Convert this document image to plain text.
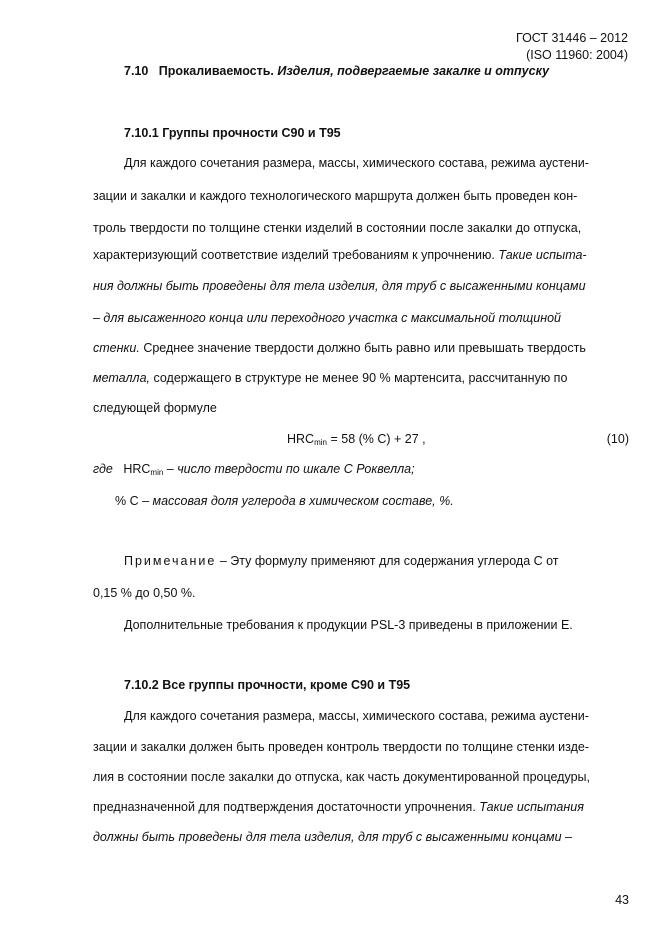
ГОСТ 31446 – 2012
(ISO 11960: 2004)
7.10 Прокаливаемость. Изделия, подвергаемые закалке и отпуску
7.10.1 Группы прочности С90 и Т95
Для каждого сочетания размера, массы, химического состава, режима аустени-
зации и закалки и каждого технологического маршрута должен быть проведен кон-
троль твердости по толщине стенки изделий в состоянии после закалки до отпуска,
характеризующий соответствие изделий требованиям к упрочнению. Такие испыта-
ния должны быть проведены для тела изделия, для труб с высаженными концами
– для высаженного конца или переходного участка с максимальной толщиной
стенки. Среднее значение твердости должно быть равно или превышать твердость
металла, содержащего в структуре не менее 90 % мартенсита, рассчитанную по
следующей формуле
$HRC_{min} = 58$ (% С) + 27 ,	(10)
где $HRC_{min}$ – число твердости по шкале С Роквелла;
% С – массовая доля углерода в химическом составе, %.
Примечание – Эту формулу применяют для содержания углерода С от
0,15 % до 0,50 %.
Дополнительные требования к продукции PSL-3 приведены в приложении Е.
7.10.2 Все группы прочности, кроме С90 и Т95
Для каждого сочетания размера, массы, химического состава, режима аустени-
зации и закалки должен быть проведен контроль твердости по толщине стенки изде-
лия в состоянии после закалки до отпуска, как часть документированной процедуры,
предназначенной для подтверждения достаточности упрочнения. Такие испытания
должны быть проведены для тела изделия, для труб с высаженными концами –
43
